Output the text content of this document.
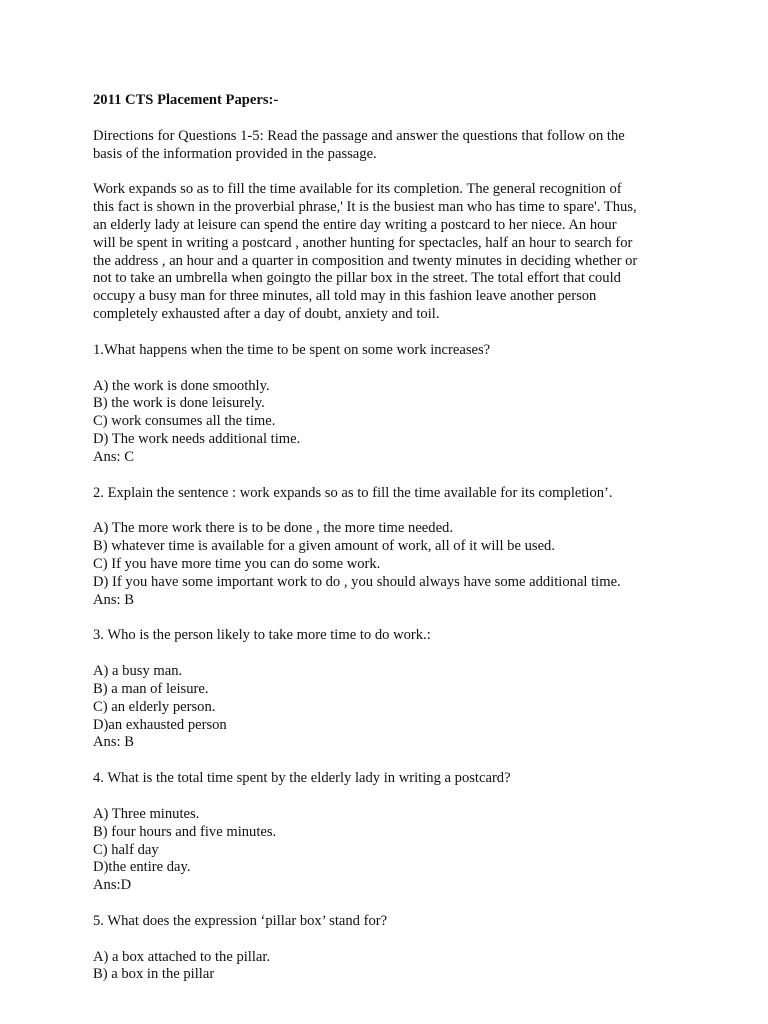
2011 CTS Placement Papers:-
Directions for Questions 1-5: Read the passage and answer the questions that follow on the
basis of the information provided in the passage.
Work expands so as to fill the time available for its completion. The general recognition of
this fact is shown in the proverbial phrase,' It is the busiest man who has time to spare'. Thus,
an elderly lady at leisure can spend the entire day writing a postcard to her niece. An hour
will be spent in writing a postcard , another hunting for spectacles, half an hour to search for
the address , an hour and a quarter in composition and twenty minutes in deciding whether or
not to take an umbrella when goingto the pillar box in the street. The total effort that could
occupy a busy man for three minutes, all told may in this fashion leave another person
completely exhausted after a day of doubt, anxiety and toil.
1.What happens when the time to be spent on some work increases?
A) the work is done smoothly.
B) the work is done leisurely.
C) work consumes all the time.
D) The work needs additional time.
Ans: C
2. Explain the sentence : work expands so as to fill the time available for its completion’.
A) The more work there is to be done , the more time needed.
B) whatever time is available for a given amount of work, all of it will be used.
C) If you have more time you can do some work.
D) If you have some important work to do , you should always have some additional time.
Ans: B
3. Who is the person likely to take more time to do work.:
A) a busy man.
B) a man of leisure.
C) an elderly person.
D)an exhausted person
Ans: B
4. What is the total time spent by the elderly lady in writing a postcard?
A) Three minutes.
B) four hours and five minutes.
C) half day
D)the entire day.
Ans:D
5. What does the expression ‘pillar box’ stand for?
A) a box attached to the pillar.
B) a box in the pillar
